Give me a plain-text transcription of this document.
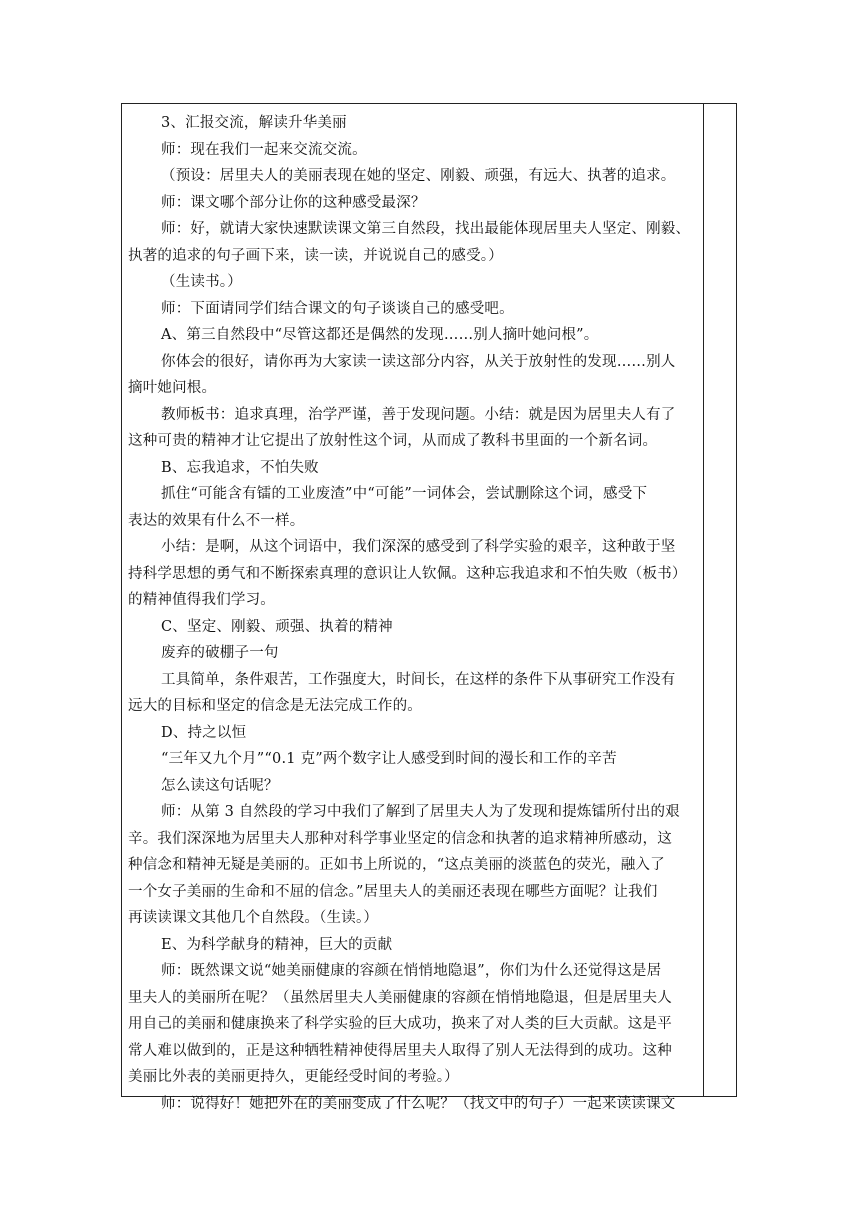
3、汇报交流，解读升华美丽
师：现在我们一起来交流交流。
（预设：居里夫人的美丽表现在她的坚定、刚毅、顽强，有远大、执著的追求。
师：课文哪个部分让你的这种感受最深？
师：好，就请大家快速默读课文第三自然段，找出最能体现居里夫人坚定、刚毅、
执著的追求的句子画下来，读一读，并说说自己的感受。）
（生读书。）
师：下面请同学们结合课文的句子谈谈自己的感受吧。
A、第三自然段中“尽管这都还是偶然的发现……别人摘叶她问根”。
你体会的很好，请你再为大家读一读这部分内容，从关于放射性的发现……别人
摘叶她问根。
教师板书：追求真理，治学严谨，善于发现问题。小结：就是因为居里夫人有了
这种可贵的精神才让它提出了放射性这个词，从而成了教科书里面的一个新名词。
B、忘我追求，不怕失败
抓住“可能含有镭的工业废渣”中“可能”一词体会，尝试删除这个词，感受下
表达的效果有什么不一样。
小结：是啊，从这个词语中，我们深深的感受到了科学实验的艰辛，这种敢于坚
持科学思想的勇气和不断探索真理的意识让人钦佩。这种忘我追求和不怕失败（板书）
的精神值得我们学习。
C、坚定、刚毅、顽强、执着的精神
废弃的破棚子一句
工具简单，条件艰苦，工作强度大，时间长，在这样的条件下从事研究工作没有
远大的目标和坚定的信念是无法完成工作的。
D、持之以恒
“三年又九个月”“0.1 克”两个数字让人感受到时间的漫长和工作的辛苦
怎么读这句话呢？
师：从第 3 自然段的学习中我们了解到了居里夫人为了发现和提炼镭所付出的艰
辛。我们深深地为居里夫人那种对科学事业坚定的信念和执著的追求精神所感动，这
种信念和精神无疑是美丽的。正如书上所说的，“这点美丽的淡蓝色的荧光，融入了
一个女子美丽的生命和不屈的信念。”居里夫人的美丽还表现在哪些方面呢？让我们
再读读课文其他几个自然段。（生读。）
E、为科学献身的精神，巨大的贡献
师：既然课文说“她美丽健康的容颜在悄悄地隐退”，你们为什么还觉得这是居
里夫人的美丽所在呢？（虽然居里夫人美丽健康的容颜在悄悄地隐退，但是居里夫人
用自己的美丽和健康换来了科学实验的巨大成功，换来了对人类的巨大贡献。这是平
常人难以做到的，正是这种牺牲精神使得居里夫人取得了别人无法得到的成功。这种
美丽比外表的美丽更持久，更能经受时间的考验。）
师：说得好！她把外在的美丽变成了什么呢？（找文中的句子）一起来读读课文
